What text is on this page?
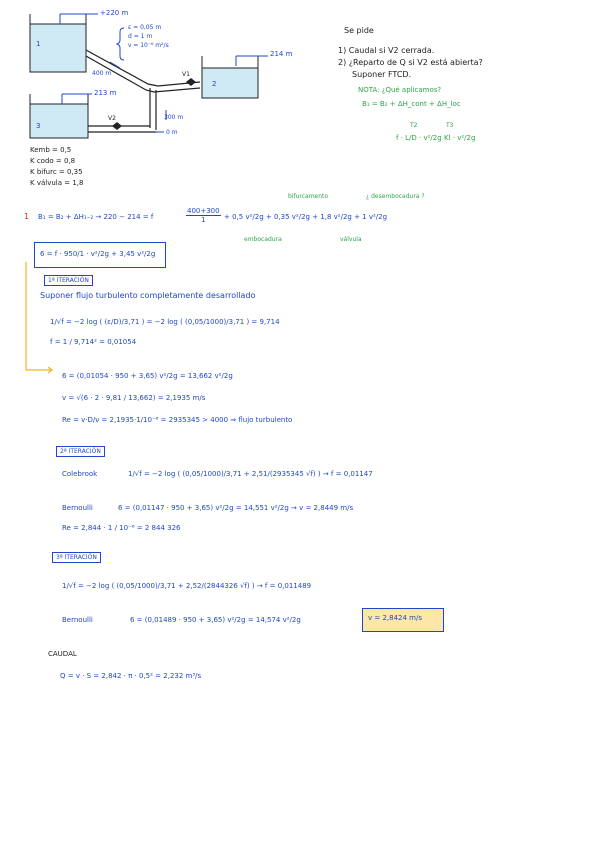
+220 m
214 m
213 m
0 m
ε = 0,05 m
d = 1 m
ν = 10⁻⁶ m²/s
400 m
300 m
V1
V2
1
2
3
Kemb = 0,5
K codo = 0,8
K bifurc = 0,35
K válvula = 1,8
Se pide
1) Caudal si V2 cerrada.
2) ¿Reparto de Q si V2 está abierta?
Suponer FTCD.
NOTA: ¿Qué aplicamos?
B₁ = B₂ + ΔH_cont + ΔH_loc
T2	T3
f · L/D · v²/2g Kl · v²/2g
bifurcamento	¿ desembocadura ?
1 B₁ = B₂ + ΔH₁₋₂ → 220 − 214 = f	$\frac{400+300}{1} + 0,5$ v²/2g + 0,35 v²/2g + 1,8 v²/2g + 1 v²/2g
embocadura	válvula
6 = f · 950/1 · v²/2g + 3,45 v²/2g
1ª ITERACIÓN
Suponer flujo turbulento completamente desarrollado
1/√f = −2 log ( (ε/D)/3,71 ) = −2 log ( (0,05/1000)/3,71 ) = 9,714
f = 1 / 9,714² = 0,01054
6 = (0,01054 · 950 + 3,65) v²/2g = 13,662 v²/2g
v = √(6 · 2 · 9,81 / 13,662) = 2,1935 m/s
Re = v·D/ν = 2,1935·1/10⁻⁶ = 2935345 > 4000 ⇒ flujo turbulento
2ª ITERACIÓN
Colebrook	1/√f = −2 log ( (0,05/1000)/3,71 + 2,51/(2935345 √f) ) → f = 0,01147
Bernoulli	6 = (0,01147 · 950 + 3,65) v²/2g = 14,551 v²/2g → v = 2,8449 m/s
Re = 2,844 · 1 / 10⁻⁶ = 2 844 326
3ª ITERACIÓN
1/√f = −2 log ( (0,05/1000)/3,71 + 2,52/(2844326 √f) ) → f = 0,011489
Bernoulli	6 = (0,01489 · 950 + 3,65) v²/2g = 14,574 v²/2g	v = 2,8424 m/s
CAUDAL
Q = v · S = 2,842 · π · 0,5² = 2,232 m³/s
